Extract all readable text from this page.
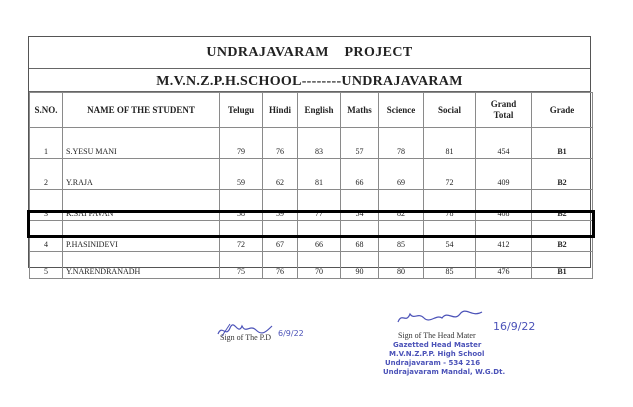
UNDRAJAVARAM    PROJECT
M.V.N.Z.P.H.SCHOOL--------UNDRAJAVARAM
S.NO.	NAME OF THE STUDENT	Telugu	Hindi	English	Maths	Science	Social	Grand Total	Grade
1	S.YESU MANI	79	76	83	57	78	81	454	B1
2	Y.RAJA	59	62	81	66	69	72	409	B2
3	K.SAI PAVAN	58	59	77	54	82	78	408	B2
4	P.HASINIDEVI	72	67	66	68	85	54	412	B2
5	Y.NARENDRANADH	75	76	70	90	80	85	476	B1
Sign of The P.D 6/9/22
16/9/22
Sign of The Head Mater
Gazetted Head Master
M.V.N.Z.P.P. High School
Undrajavaram - 534 216
Undrajavaram Mandal, W.G.Dt.
